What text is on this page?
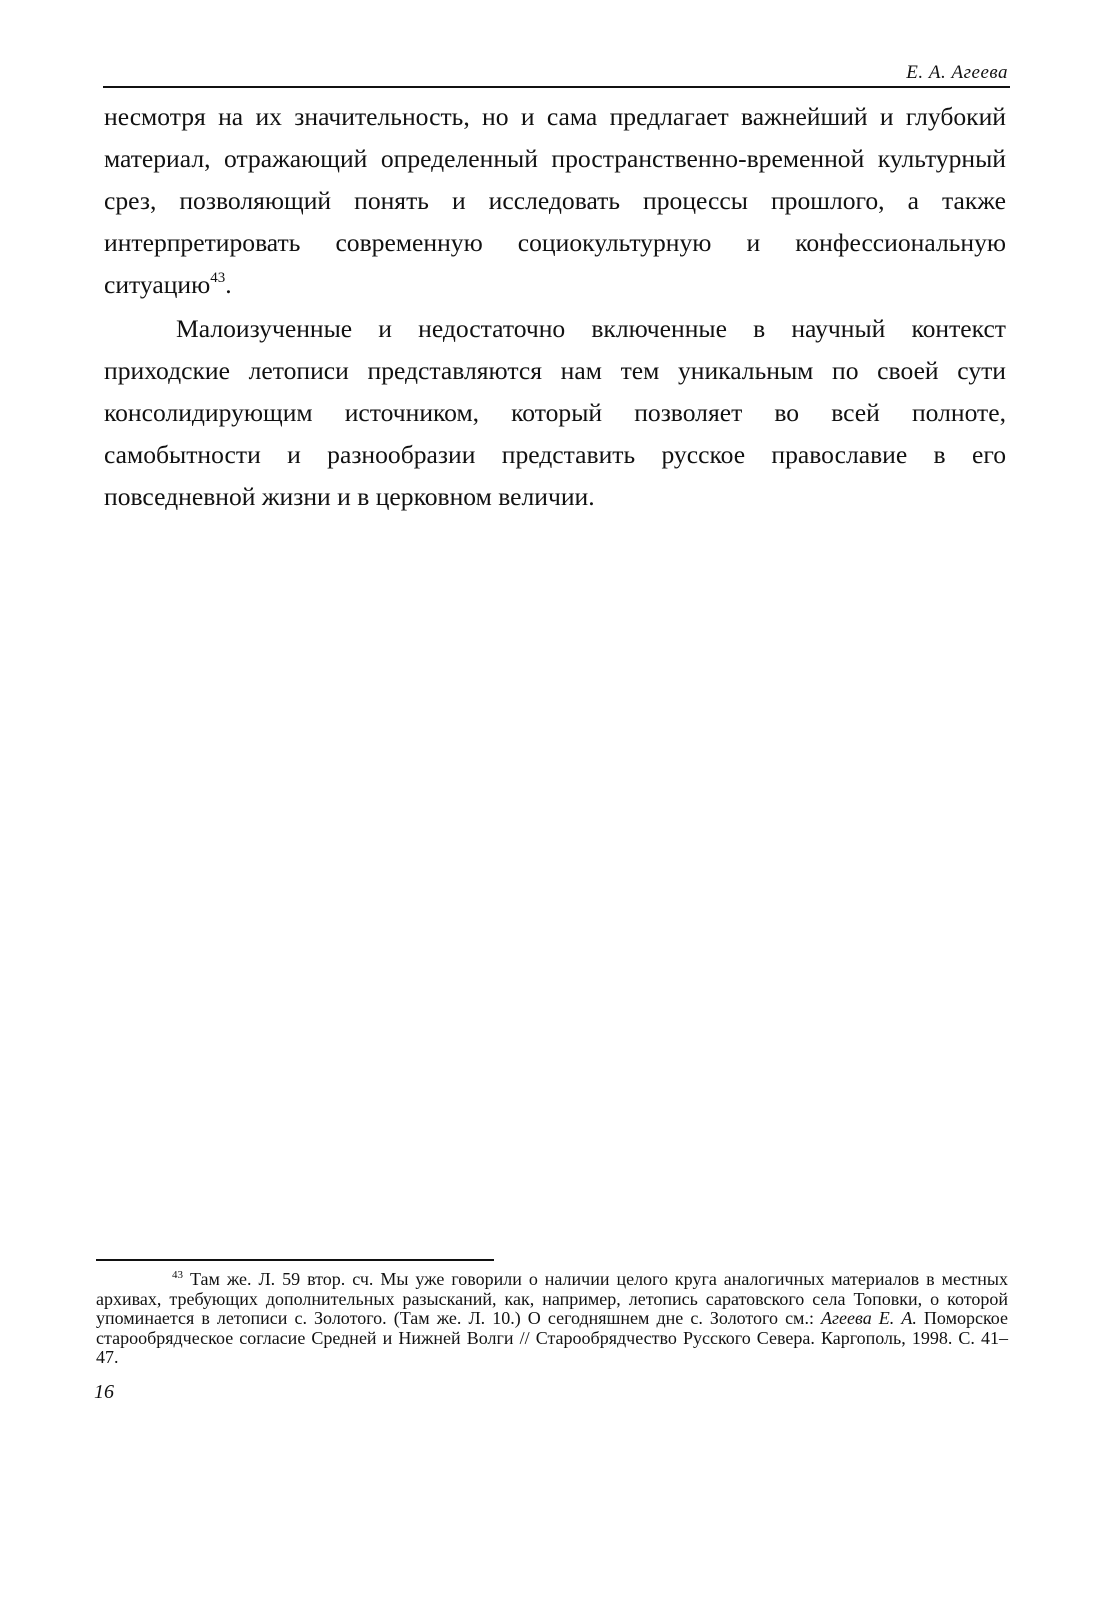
Е. А. Агеева

несмотря на их значительность, но и сама предлагает важнейший и глубокий материал, отражающий определенный пространственно-временной культурный срез, позволяющий понять и исследовать процессы прошлого, а также интерпретировать современную социокультурную и конфессиональную ситуацию$^{43}$.

Малоизученные и недостаточно включенные в научный контекст приходские летописи представляются нам тем уникальным по своей сути консолидирующим источником, который позволяет во всей полноте, самобытности и разнообразии представить русское православие в его повседневной жизни и в церковном величии.

$^{43}$ Там же. Л. 59 втор. сч. Мы уже говорили о наличии целого круга аналогичных материалов в местных архивах, требующих дополнительных разысканий, как, например, летопись саратовского села Топовки, о которой упоминается в летописи с. Золотого. (Там же. Л. 10.) О сегодняшнем дне с. Золотого см.: Агеева Е. А. Поморское старообрядческое согласие Средней и Нижней Волги // Старообрядчество Русского Севера. Каргополь, 1998. С. 41–47.

16
